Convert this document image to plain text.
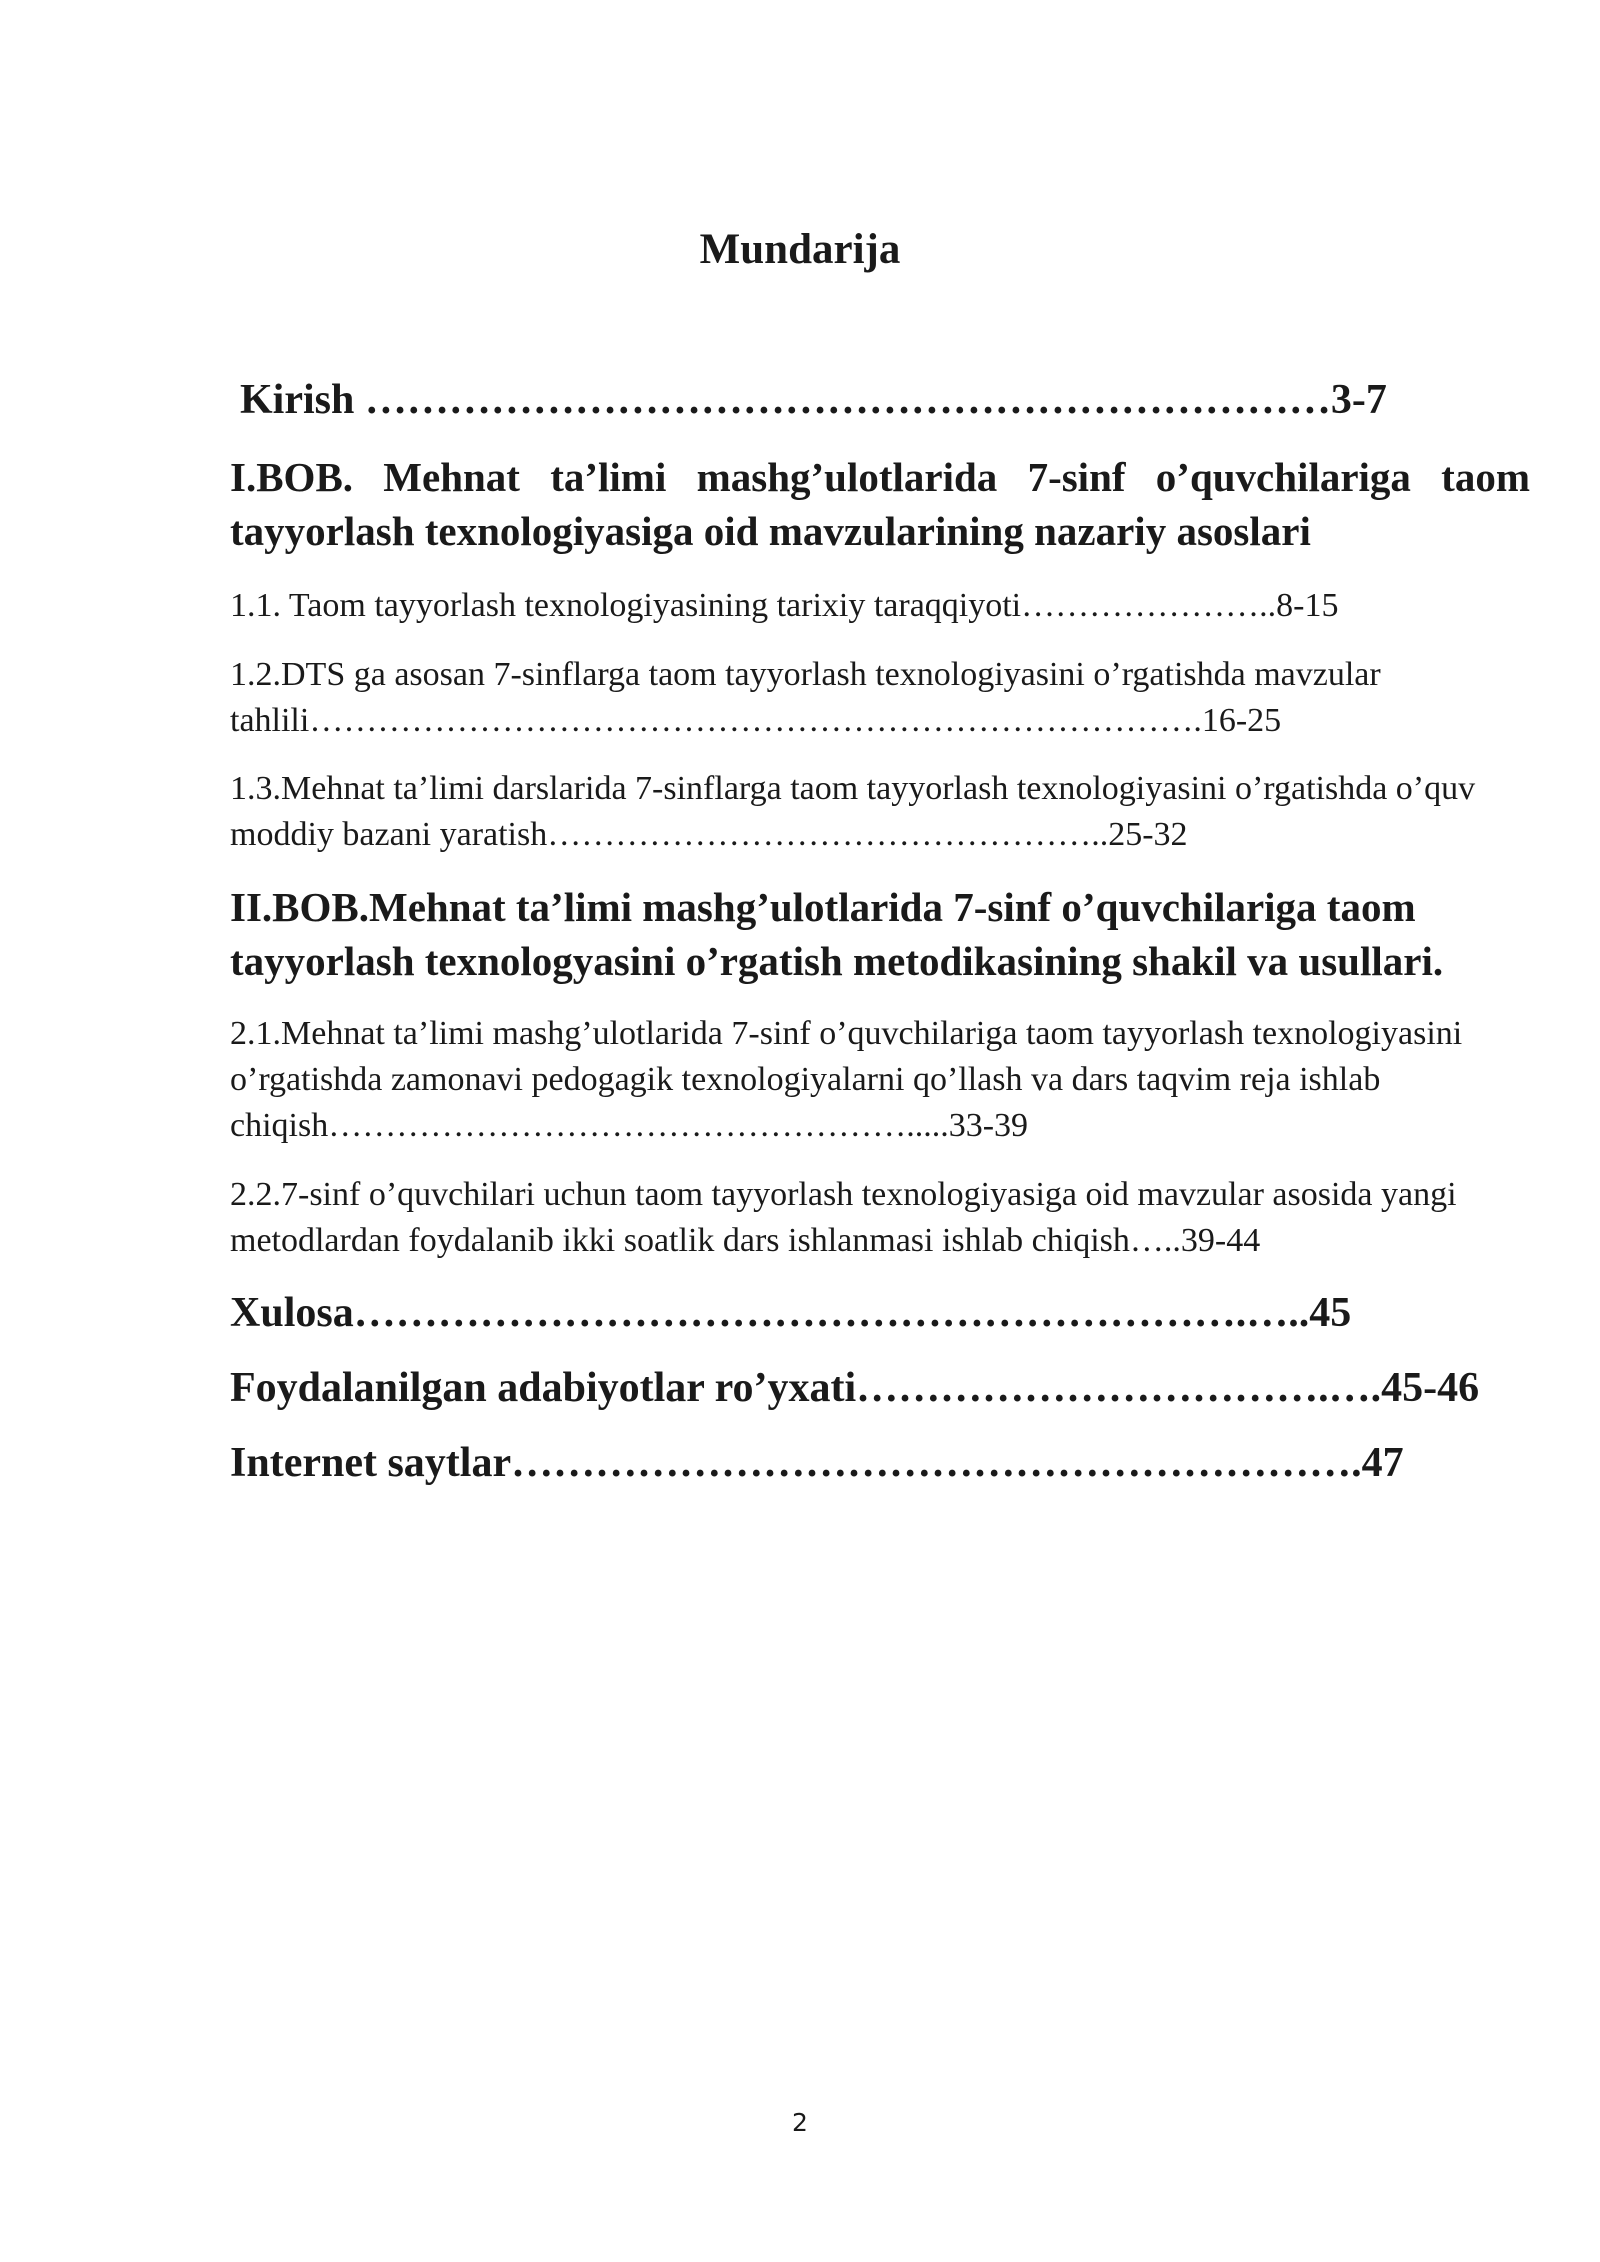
Mundarija

Kirish ……………………………………………………………3-7

I.BOB. Mehnat ta’limi mashg’ulotlarida 7-sinf o’quvchilariga taom tayyorlash texnologiyasiga oid mavzularining nazariy asoslari

1.1. Taom tayyorlash texnologiyasining tarixiy taraqqiyoti…………………..8-15

1.2.DTS ga asosan 7-sinflarga taom tayyorlash texnologiyasini o’rgatishda mavzular tahlili…………………………………………………………………….16-25

1.3.Mehnat ta’limi darslarida 7-sinflarga taom tayyorlash texnologiyasini o’rgatishda o’quv moddiy bazani yaratish…………………………………………..25-32

II.BOB.Mehnat ta’limi mashg’ulotlarida 7-sinf o’quvchilariga taom tayyorlash texnologyasini o’rgatish metodikasining shakil va usullari.

2.1.Mehnat ta’limi mashg’ulotlarida 7-sinf o’quvchilariga taom tayyorlash texnologiyasini o’rgatishda zamonavi pedogagik texnologiyalarni qo’llash va dars taqvim reja ishlab chiqish…………………………………………….....33-39

2.2.7-sinf o’quvchilari uchun taom tayyorlash texnologiyasiga oid mavzular asosida yangi metodlardan foydalanib ikki soatlik dars ishlanmasi ishlab chiqish…..39-44

Xulosa……………………………………………………….…..45

Foydalanilgan adabiyotlar ro’yxati…………………………….….45-46

Internet saytlar…………………………………………………….47

2
